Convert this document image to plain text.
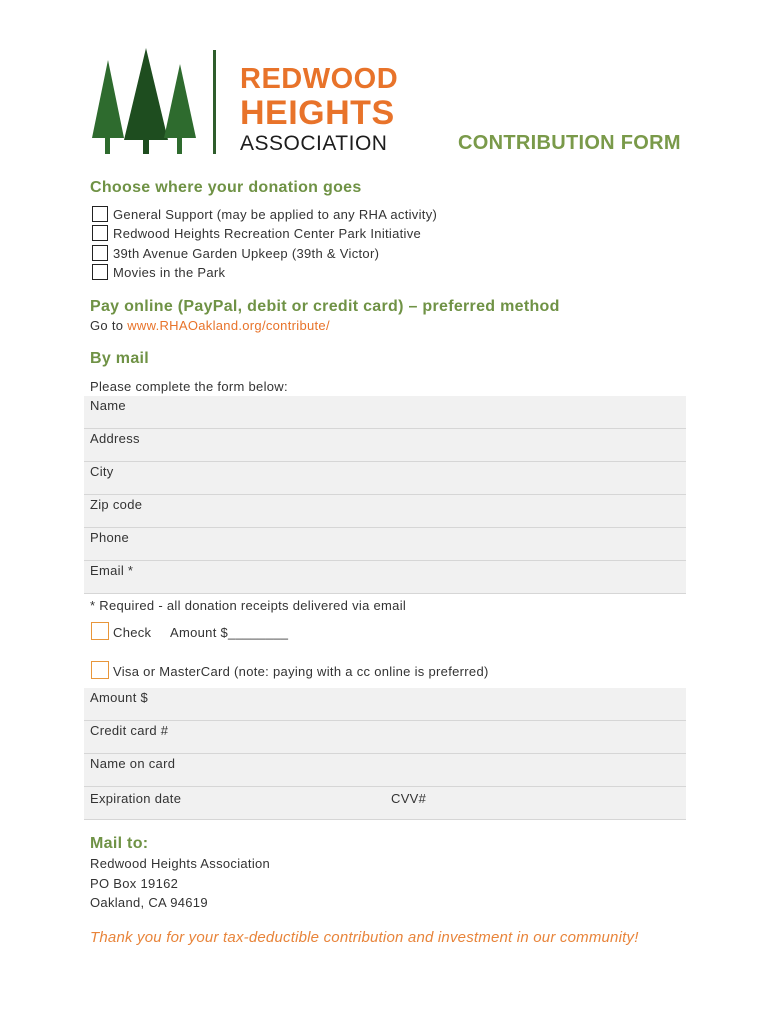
REDWOOD
HEIGHTS
ASSOCIATION	CONTRIBUTION FORM
Choose where your donation goes
General Support (may be applied to any RHA activity)
Redwood Heights Recreation Center Park Initiative
39th Avenue Garden Upkeep (39th & Victor)
Movies in the Park
Pay online (PayPal, debit or credit card) – preferred method
Go to www.RHAOakland.org/contribute/
By mail
Please complete the form below:
Name
Address
City
Zip code
Phone
Email *
* Required - all donation receipts delivered via email
Check Amount $________
Visa or MasterCard (note: paying with a cc online is preferred)
Amount $
Credit card #
Name on card
Expiration date	CVV#
Mail to:
Redwood Heights Association
PO Box 19162
Oakland, CA 94619
Thank you for your tax-deductible contribution and investment in our community!
